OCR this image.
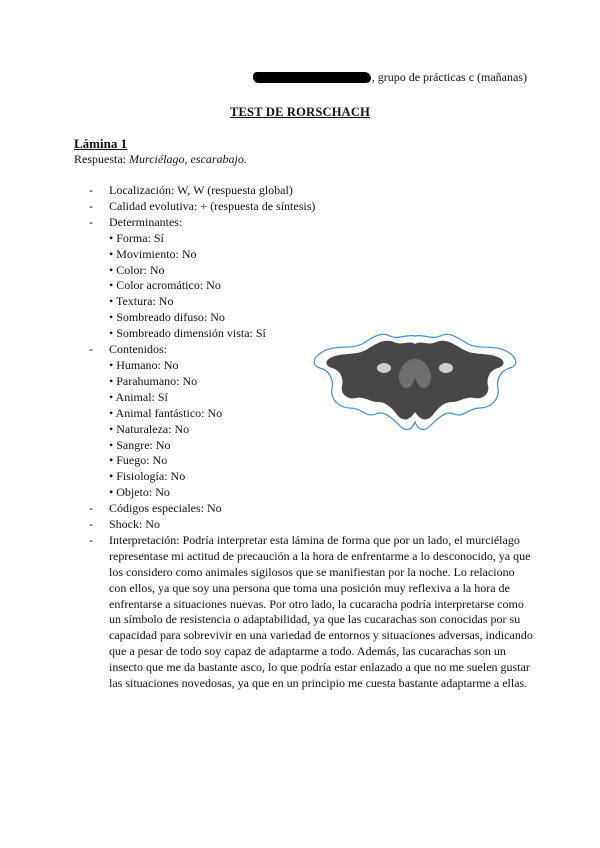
, grupo de prácticas c (mañanas)
TEST DE RORSCHACH
Lámina 1
Respuesta: Murciélago, escarabajo.
- Localización: W, W (respuesta global)
- Calidad evolutiva: + (respuesta de síntesis)
- Determinantes:
• Forma: Sí
• Movimiento: No
• Color: No
• Color acromático: No
• Textura: No
• Sombreado difuso: No
• Sombreado dimensión vista: Sí
- Contenidos:
• Humano: No
• Parahumano: No
• Animal: Sí
• Animal fantástico: No
• Naturaleza: No
• Sangre: No
• Fuego: No
• Fisiología: No
• Objeto: No
- Códigos especiales: No
- Shock: No
- Interpretación: Podría interpretar esta lámina de forma que por un lado, el murciélago representase mi actitud de precaución a la hora de enfrentarme a lo desconocido, ya que los considero como animales sigilosos que se manifiestan por la noche. Lo relaciono con ellos, ya que soy una persona que toma una posición muy reflexiva a la hora de enfrentarse a situaciones nuevas. Por otro lado, la cucaracha podría interpretarse como un símbolo de resistencia o adaptabilidad, ya que las cucarachas son conocidas por su capacidad para sobrevivir en una variedad de entornos y situaciones adversas, indicando que a pesar de todo soy capaz de adaptarme a todo. Además, las cucarachas son un insecto que me da bastante asco, lo que podría estar enlazado a que no me suelen gustar las situaciones novedosas, ya que en un principio me cuesta bastante adaptarme a ellas.
